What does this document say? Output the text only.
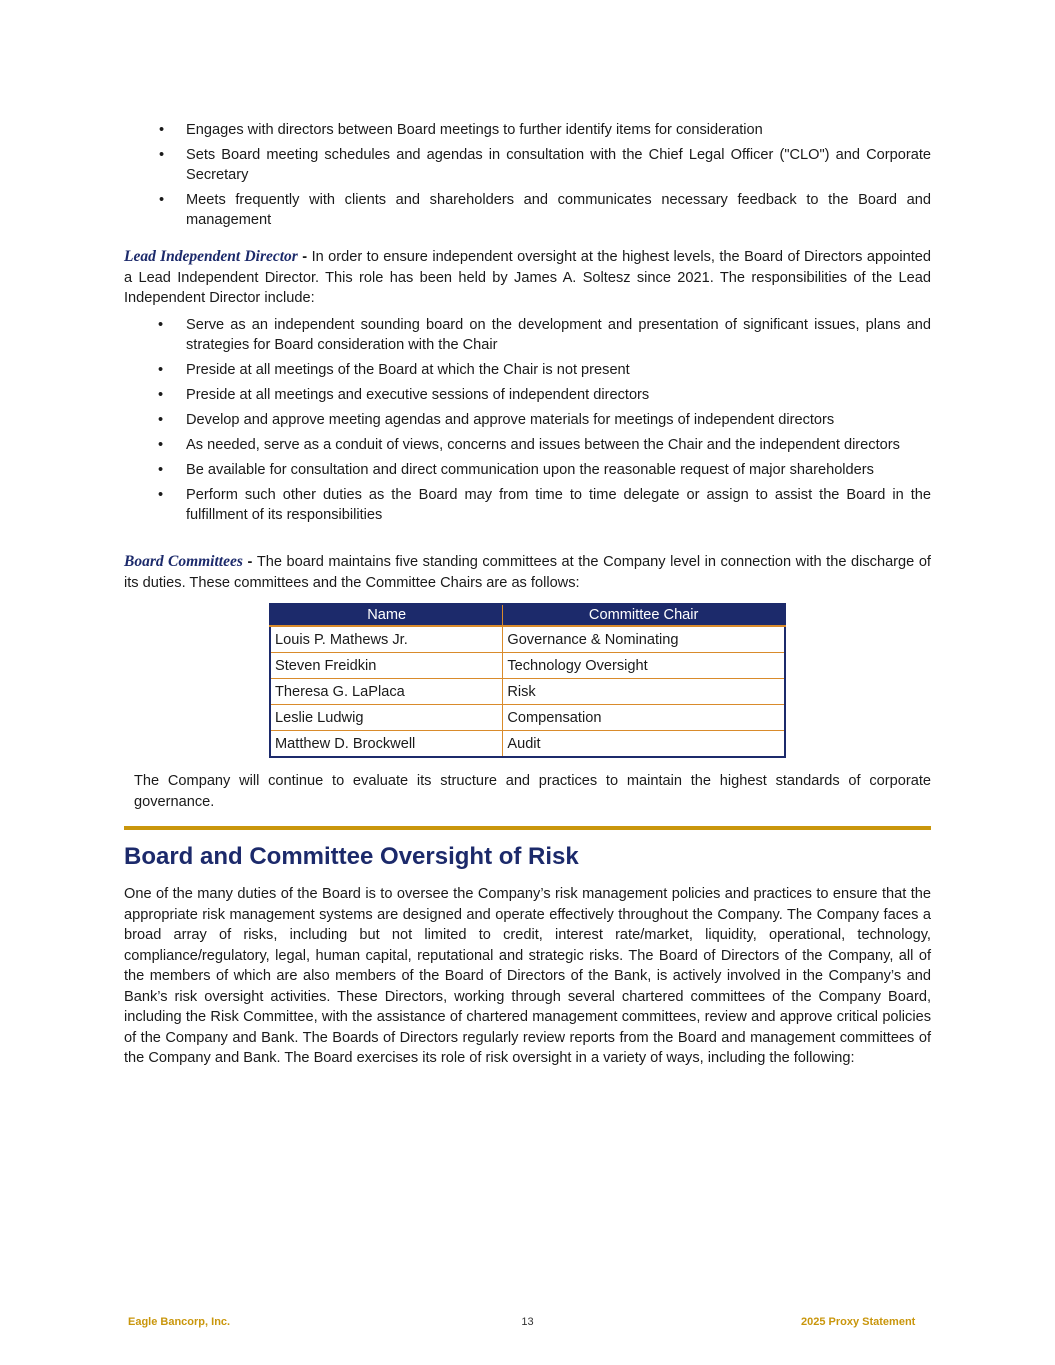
•	Engages with directors between Board meetings to further identify items for consideration
•	Sets Board meeting schedules and agendas in consultation with the Chief Legal Officer ("CLO") and Corporate Secretary
•	Meets frequently with clients and shareholders and communicates necessary feedback to the Board and management

Lead Independent Director - In order to ensure independent oversight at the highest levels, the Board of Directors appointed a Lead Independent Director. This role has been held by James A. Soltesz since 2021. The responsibilities of the Lead Independent Director include:

•	Serve as an independent sounding board on the development and presentation of significant issues, plans and strategies for Board consideration with the Chair
•	Preside at all meetings of the Board at which the Chair is not present
•	Preside at all meetings and executive sessions of independent directors
•	Develop and approve meeting agendas and approve materials for meetings of independent directors
•	As needed, serve as a conduit of views, concerns and issues between the Chair and the independent directors
•	Be available for consultation and direct communication upon the reasonable request of major shareholders
•	Perform such other duties as the Board may from time to time delegate or assign to assist the Board in the fulfillment of its responsibilities

Board Committees - The board maintains five standing committees at the Company level in connection with the discharge of its duties. These committees and the Committee Chairs are as follows:

Name	Committee Chair
Louis P. Mathews Jr.	Governance & Nominating
Steven Freidkin	Technology Oversight
Theresa G. LaPlaca	Risk
Leslie Ludwig	Compensation
Matthew D. Brockwell	Audit

The Company will continue to evaluate its structure and practices to maintain the highest standards of corporate governance.

Board and Committee Oversight of Risk

One of the many duties of the Board is to oversee the Company’s risk management policies and practices to ensure that the appropriate risk management systems are designed and operate effectively throughout the Company. The Company faces a broad array of risks, including but not limited to credit, interest rate/market, liquidity, operational, technology, compliance/regulatory, legal, human capital, reputational and strategic risks. The Board of Directors of the Company, all of the members of which are also members of the Board of Directors of the Bank, is actively involved in the Company’s and Bank’s risk oversight activities. These Directors, working through several chartered committees of the Company Board, including the Risk Committee, with the assistance of chartered management committees, review and approve critical policies of the Company and Bank. The Boards of Directors regularly review reports from the Board and management committees of the Company and Bank. The Board exercises its role of risk oversight in a variety of ways, including the following:

Eagle Bancorp, Inc.	13	2025 Proxy Statement
